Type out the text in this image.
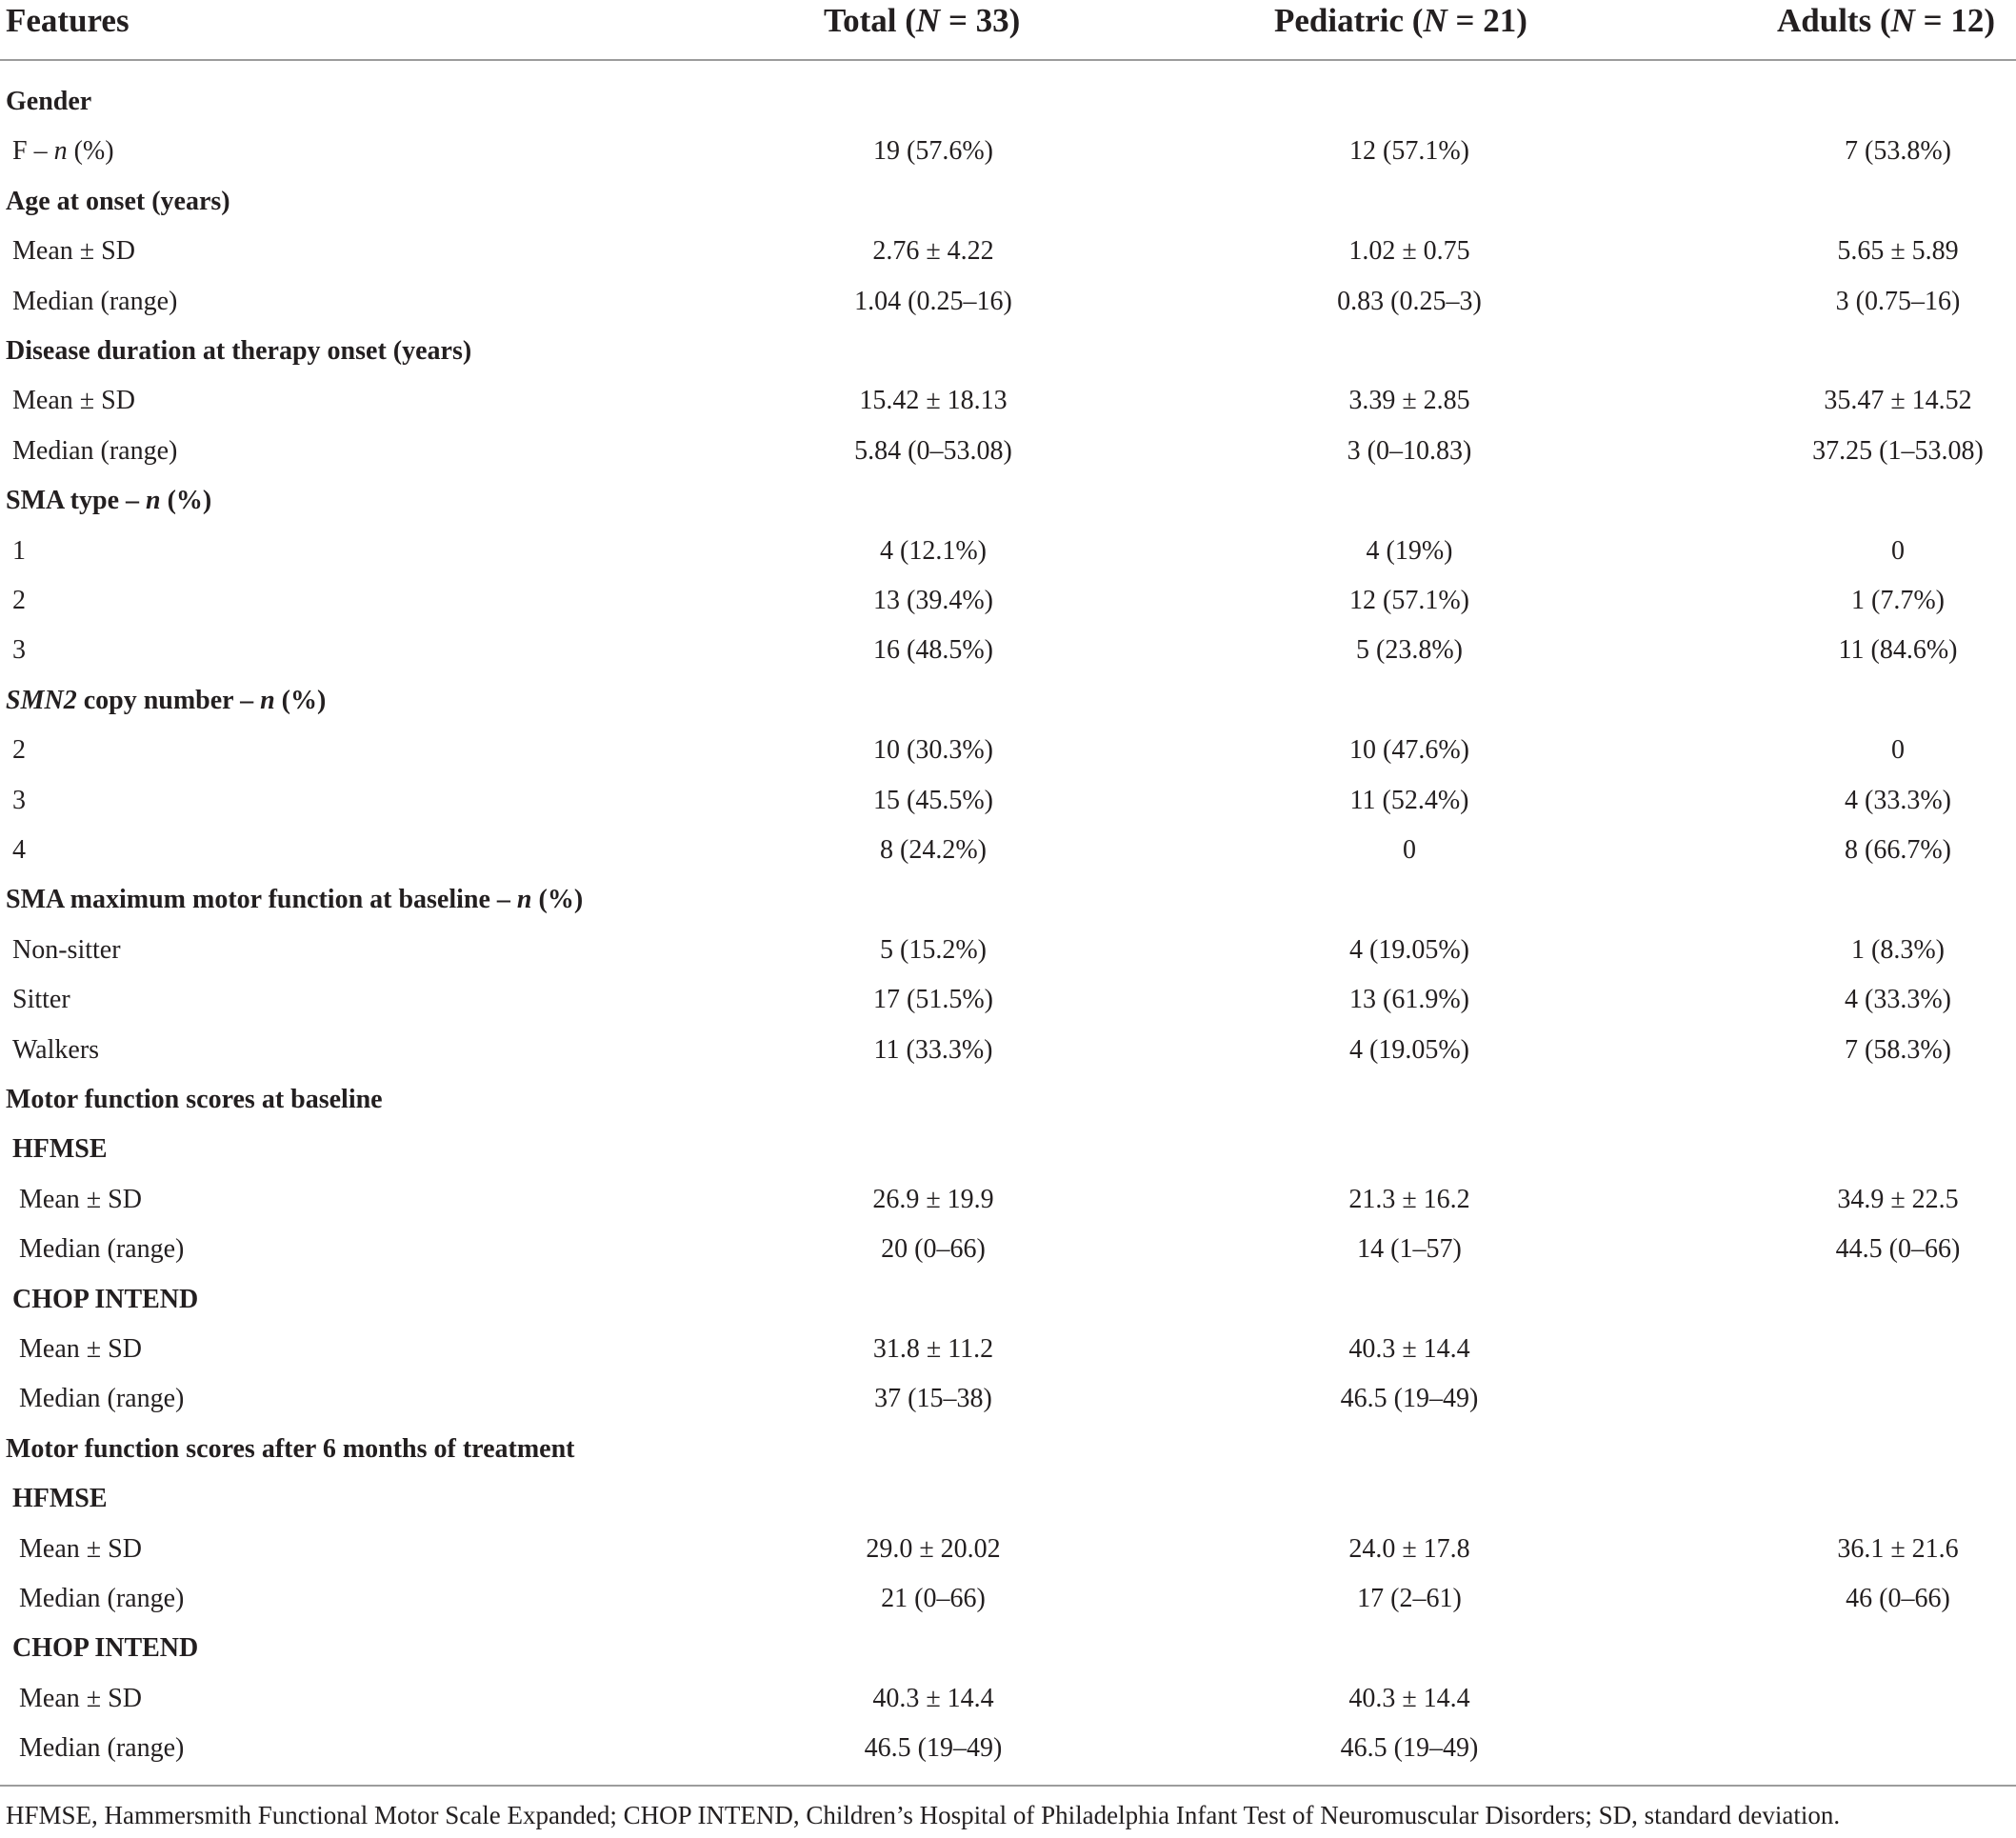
Features	Total (N = 33)	Pediatric (N = 21)	Adults (N = 12)
Gender
F – n (%)	19 (57.6%)	12 (57.1%)	7 (53.8%)
Age at onset (years)
Mean ± SD	2.76 ± 4.22	1.02 ± 0.75	5.65 ± 5.89
Median (range)	1.04 (0.25–16)	0.83 (0.25–3)	3 (0.75–16)
Disease duration at therapy onset (years)
Mean ± SD	15.42 ± 18.13	3.39 ± 2.85	35.47 ± 14.52
Median (range)	5.84 (0–53.08)	3 (0–10.83)	37.25 (1–53.08)
SMA type – n (%)
1	4 (12.1%)	4 (19%)	0
2	13 (39.4%)	12 (57.1%)	1 (7.7%)
3	16 (48.5%)	5 (23.8%)	11 (84.6%)
SMN2 copy number – n (%)
2	10 (30.3%)	10 (47.6%)	0
3	15 (45.5%)	11 (52.4%)	4 (33.3%)
4	8 (24.2%)	0	8 (66.7%)
SMA maximum motor function at baseline – n (%)
Non-sitter	5 (15.2%)	4 (19.05%)	1 (8.3%)
Sitter	17 (51.5%)	13 (61.9%)	4 (33.3%)
Walkers	11 (33.3%)	4 (19.05%)	7 (58.3%)
Motor function scores at baseline
HFMSE
Mean ± SD	26.9 ± 19.9	21.3 ± 16.2	34.9 ± 22.5
Median (range)	20 (0–66)	14 (1–57)	44.5 (0–66)
CHOP INTEND
Mean ± SD	31.8 ± 11.2	40.3 ± 14.4
Median (range)	37 (15–38)	46.5 (19–49)
Motor function scores after 6 months of treatment
HFMSE
Mean ± SD	29.0 ± 20.02	24.0 ± 17.8	36.1 ± 21.6
Median (range)	21 (0–66)	17 (2–61)	46 (0–66)
CHOP INTEND
Mean ± SD	40.3 ± 14.4	40.3 ± 14.4
Median (range)	46.5 (19–49)	46.5 (19–49)
HFMSE, Hammersmith Functional Motor Scale Expanded; CHOP INTEND, Children’s Hospital of Philadelphia Infant Test of Neuromuscular Disorders; SD, standard deviation.
